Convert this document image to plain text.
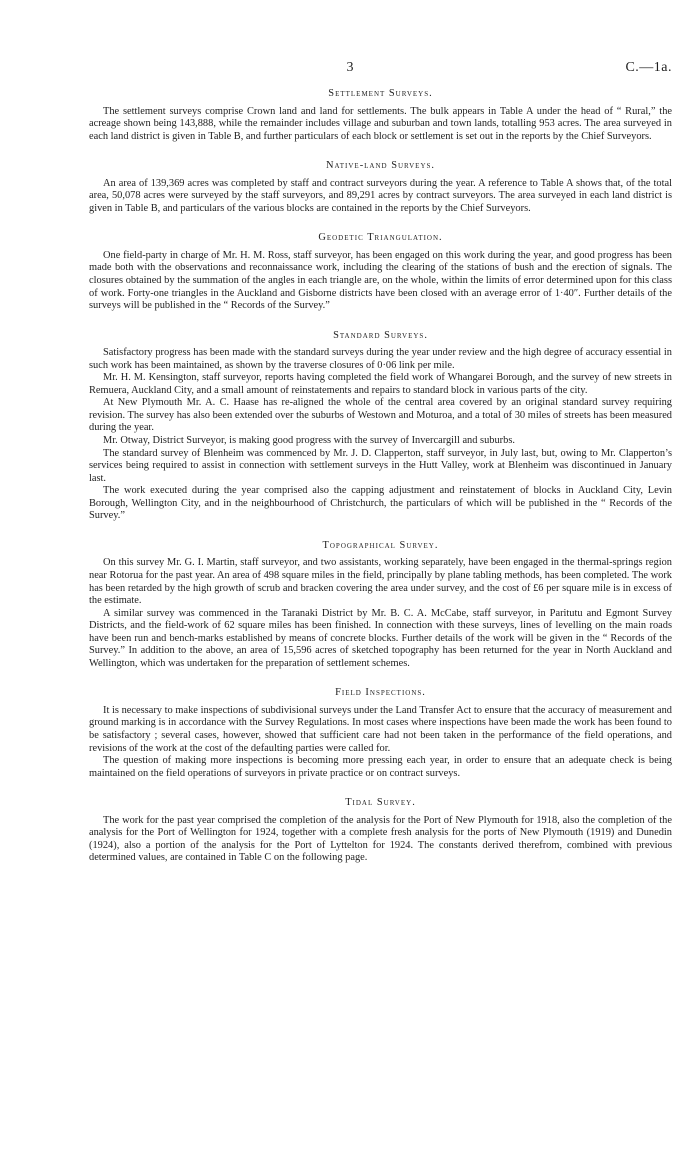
3	C.—1a.
Settlement Surveys.

The settlement surveys comprise Crown land and land for settlements. The bulk appears in Table A under the head of “ Rural,” the acreage shown being 143,888, while the remainder includes village and suburban and town lands, totalling 953 acres. The area surveyed in each land district is given in Table B, and further particulars of each block or settlement is set out in the reports by the Chief Surveyors.

Native-land Surveys.

An area of 139,369 acres was completed by staff and contract surveyors during the year. A reference to Table A shows that, of the total area, 50,078 acres were surveyed by the staff surveyors, and 89,291 acres by contract surveyors. The area surveyed in each land district is given in Table B, and particulars of the various blocks are contained in the reports by the Chief Surveyors.

Geodetic Triangulation.

One field-party in charge of Mr. H. M. Ross, staff surveyor, has been engaged on this work during the year, and good progress has been made both with the observations and reconnaissance work, including the clearing of the stations of bush and the erection of signals. The closures obtained by the summation of the angles in each triangle are, on the whole, within the limits of error determined upon for this class of work. Forty-one triangles in the Auckland and Gisborne districts have been closed with an average error of 1·40″. Further details of the surveys will be published in the “ Records of the Survey.”

Standard Surveys.

Satisfactory progress has been made with the standard surveys during the year under review and the high degree of accuracy essential in such work has been maintained, as shown by the traverse closures of 0·06 link per mile.

Mr. H. M. Kensington, staff surveyor, reports having completed the field work of Whangarei Borough, and the survey of new streets in Remuera, Auckland City, and a small amount of reinstatements and repairs to standard block in various parts of the city.

At New Plymouth Mr. A. C. Haase has re-aligned the whole of the central area covered by an original standard survey requiring revision. The survey has also been extended over the suburbs of Westown and Moturoa, and a total of 30 miles of streets has been measured during the year.

Mr. Otway, District Surveyor, is making good progress with the survey of Invercargill and suburbs.

The standard survey of Blenheim was commenced by Mr. J. D. Clapperton, staff surveyor, in July last, but, owing to Mr. Clapperton’s services being required to assist in connection with settlement surveys in the Hutt Valley, work at Blenheim was discontinued in January last.

The work executed during the year comprised also the capping adjustment and reinstatement of blocks in Auckland City, Levin Borough, Wellington City, and in the neighbourhood of Christchurch, the particulars of which will be published in the “ Records of the Survey.”

Topographical Survey.

On this survey Mr. G. I. Martin, staff surveyor, and two assistants, working separately, have been engaged in the thermal-springs region near Rotorua for the past year. An area of 498 square miles in the field, principally by plane tabling methods, has been completed. The work has been retarded by the high growth of scrub and bracken covering the area under survey, and the cost of £6 per square mile is in excess of the estimate.

A similar survey was commenced in the Taranaki District by Mr. B. C. A. McCabe, staff surveyor, in Paritutu and Egmont Survey Districts, and the field-work of 62 square miles has been finished. In connection with these surveys, lines of levelling on the main roads have been run and bench-marks established by means of concrete blocks. Further details of the work will be given in the “ Records of the Survey.” In addition to the above, an area of 15,596 acres of sketched topography has been returned for the year in North Auckland and Wellington, which was undertaken for the preparation of settlement schemes.

Field Inspections.

It is necessary to make inspections of subdivisional surveys under the Land Transfer Act to ensure that the accuracy of measurement and ground marking is in accordance with the Survey Regulations. In most cases where inspections have been made the work has been found to be satisfactory ; several cases, however, showed that sufficient care had not been taken in the performance of the field operations, and revisions of the work at the cost of the defaulting parties were called for.

The question of making more inspections is becoming more pressing each year, in order to ensure that an adequate check is being maintained on the field operations of surveyors in private practice or on contract surveys.

Tidal Survey.

The work for the past year comprised the completion of the analysis for the Port of New Plymouth for 1918, also the completion of the analysis for the Port of Wellington for 1924, together with a complete fresh analysis for the ports of New Plymouth (1919) and Dunedin (1924), also a portion of the analysis for the Port of Lyttelton for 1924. The constants derived therefrom, combined with previous determined values, are contained in Table C on the following page.
